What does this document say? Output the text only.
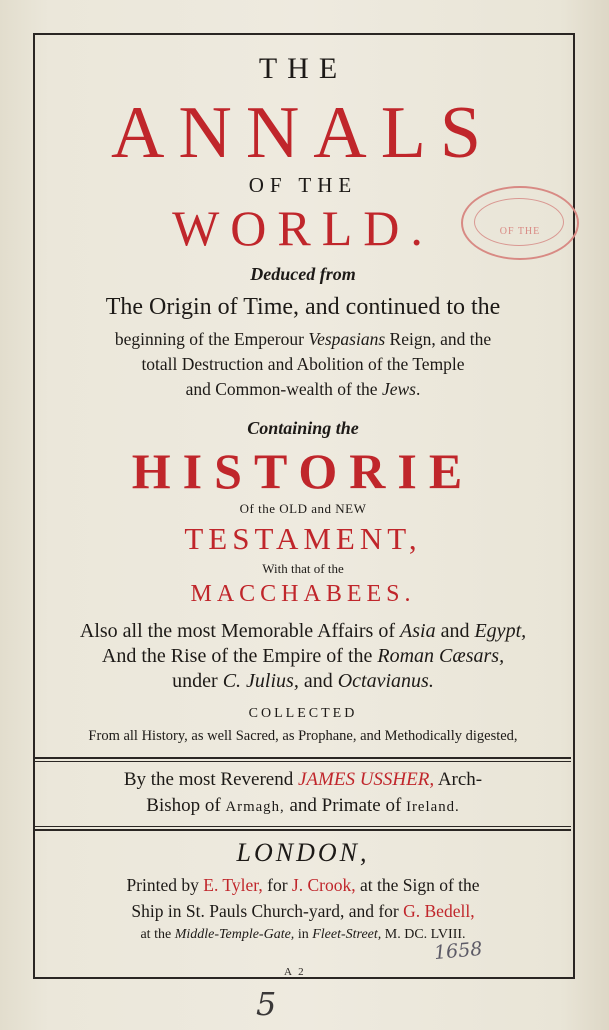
OF THE
THE
ANNALS
OF THE
WORLD.
Deduced from
The Origin of Time, and continued to the
beginning of the Emperour Vespasians Reign, and the
totall Destruction and Abolition of the Temple
and Common-wealth of the Jews.
Containing the
HISTORIE
Of the OLD and NEW
TESTAMENT,
With that of the
MACCHABEES.
Also all the most Memorable Affairs of Asia and Egypt,
And the Rise of the Empire of the Roman Cæsars,
under C. Julius, and Octavianus.
COLLECTED
From all History, as well Sacred, as Prophane, and Methodically digested,
By the most Reverend JAMES USSHER, Arch-
Bishop of Armagh, and Primate of Ireland.
LONDON,
Printed by E. Tyler, for J. Crook, at the Sign of the
Ship in St. Pauls Church-yard, and for G. Bedell,
at the Middle-Temple-Gate, in Fleet-Street, M. DC. LVIII.
1658
A 2
5
